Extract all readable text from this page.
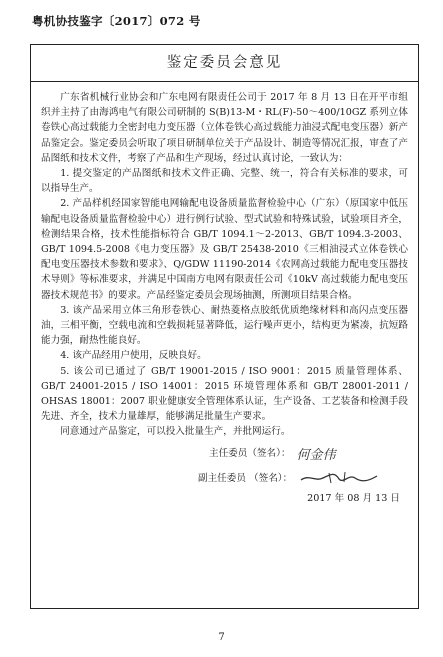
粤机协技鉴字〔2017〕072 号
鉴定委员会意见

广东省机械行业协会和广东电网有限责任公司于 2017 年 8 月 13 日在开平市组织并主持了由海鸿电气有限公司研制的 S(B)13-M・RL(F)-50～400/10GZ 系列立体卷铁心高过载能力全密封电力变压器（立体卷铁心高过载能力油浸式配电变压器）新产品鉴定会。鉴定委员会听取了项目研制单位关于产品设计、制造等情况汇报，审查了产品图纸和技术文件，考察了产品和生产现场，经过认真讨论，一致认为：

1. 提交鉴定的产品图纸和技术文件正确、完整、统一，符合有关标准的要求，可以指导生产。

2. 产品样机经国家智能电网输配电设备质量监督检验中心（广东）（原国家中低压输配电设备质量监督检验中心）进行例行试验、型式试验和特殊试验，试验项目齐全，检测结果合格，技术性能指标符合 GB/T 1094.1～2-2013、GB/T 1094.3-2003、GB/T 1094.5-2008《电力变压器》及 GB/T 25438-2010《三相油浸式立体卷铁心配电变压器技术参数和要求》、Q/GDW 11190-2014《农网高过载能力配电变压器技术导则》等标准要求，并满足中国南方电网有限责任公司《10kV 高过载能力配电变压器技术规范书》的要求。产品经鉴定委员会现场抽测，所测项目结果合格。

3. 该产品采用立体三角形卷铁心、耐热菱格点胶纸优质绝缘材料和高闪点变压器油，三相平衡，空载电流和空载损耗显著降低，运行噪声更小，结构更为紧凑，抗短路能力强，耐热性能良好。

4. 该产品经用户使用，反映良好。

5. 该公司已通过了 GB/T 19001-2015 / ISO 9001：2015 质量管理体系、GB/T 24001-2015 / ISO 14001：2015 环境管理体系和 GB/T 28001-2011 / OHSAS 18001：2007 职业健康安全管理体系认证，生产设备、工艺装备和检测手段先进、齐全，技术力量雄厚，能够满足批量生产要求。

同意通过产品鉴定，可以投入批量生产，并批网运行。

主任委员（签名）： 何金伟
副主任委员 （签名）：
2017 年 08 月 13 日
7
